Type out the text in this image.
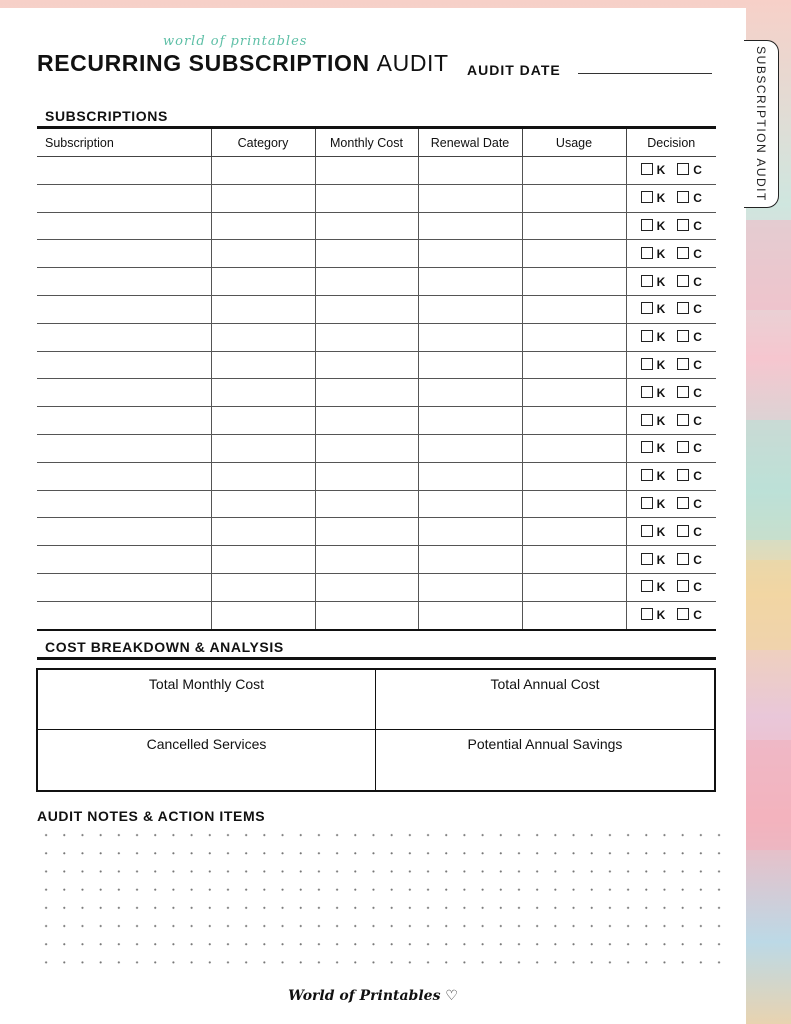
SUBSCRIPTION AUDIT
world of printables
RECURRING SUBSCRIPTION AUDIT AUDIT DATE
SUBSCRIPTIONS
Subscription	Category	Monthly Cost	Renewal Date	Usage	Decision
					K C
					K C
					K C
					K C
					K C
					K C
					K C
					K C
					K C
					K C
					K C
					K C
					K C
					K C
					K C
					K C
					K C
COST BREAKDOWN & ANALYSIS
Total Monthly Cost	Total Annual Cost
Cancelled Services	Potential Annual Savings
AUDIT NOTES & ACTION ITEMS
World of Printables ♡
